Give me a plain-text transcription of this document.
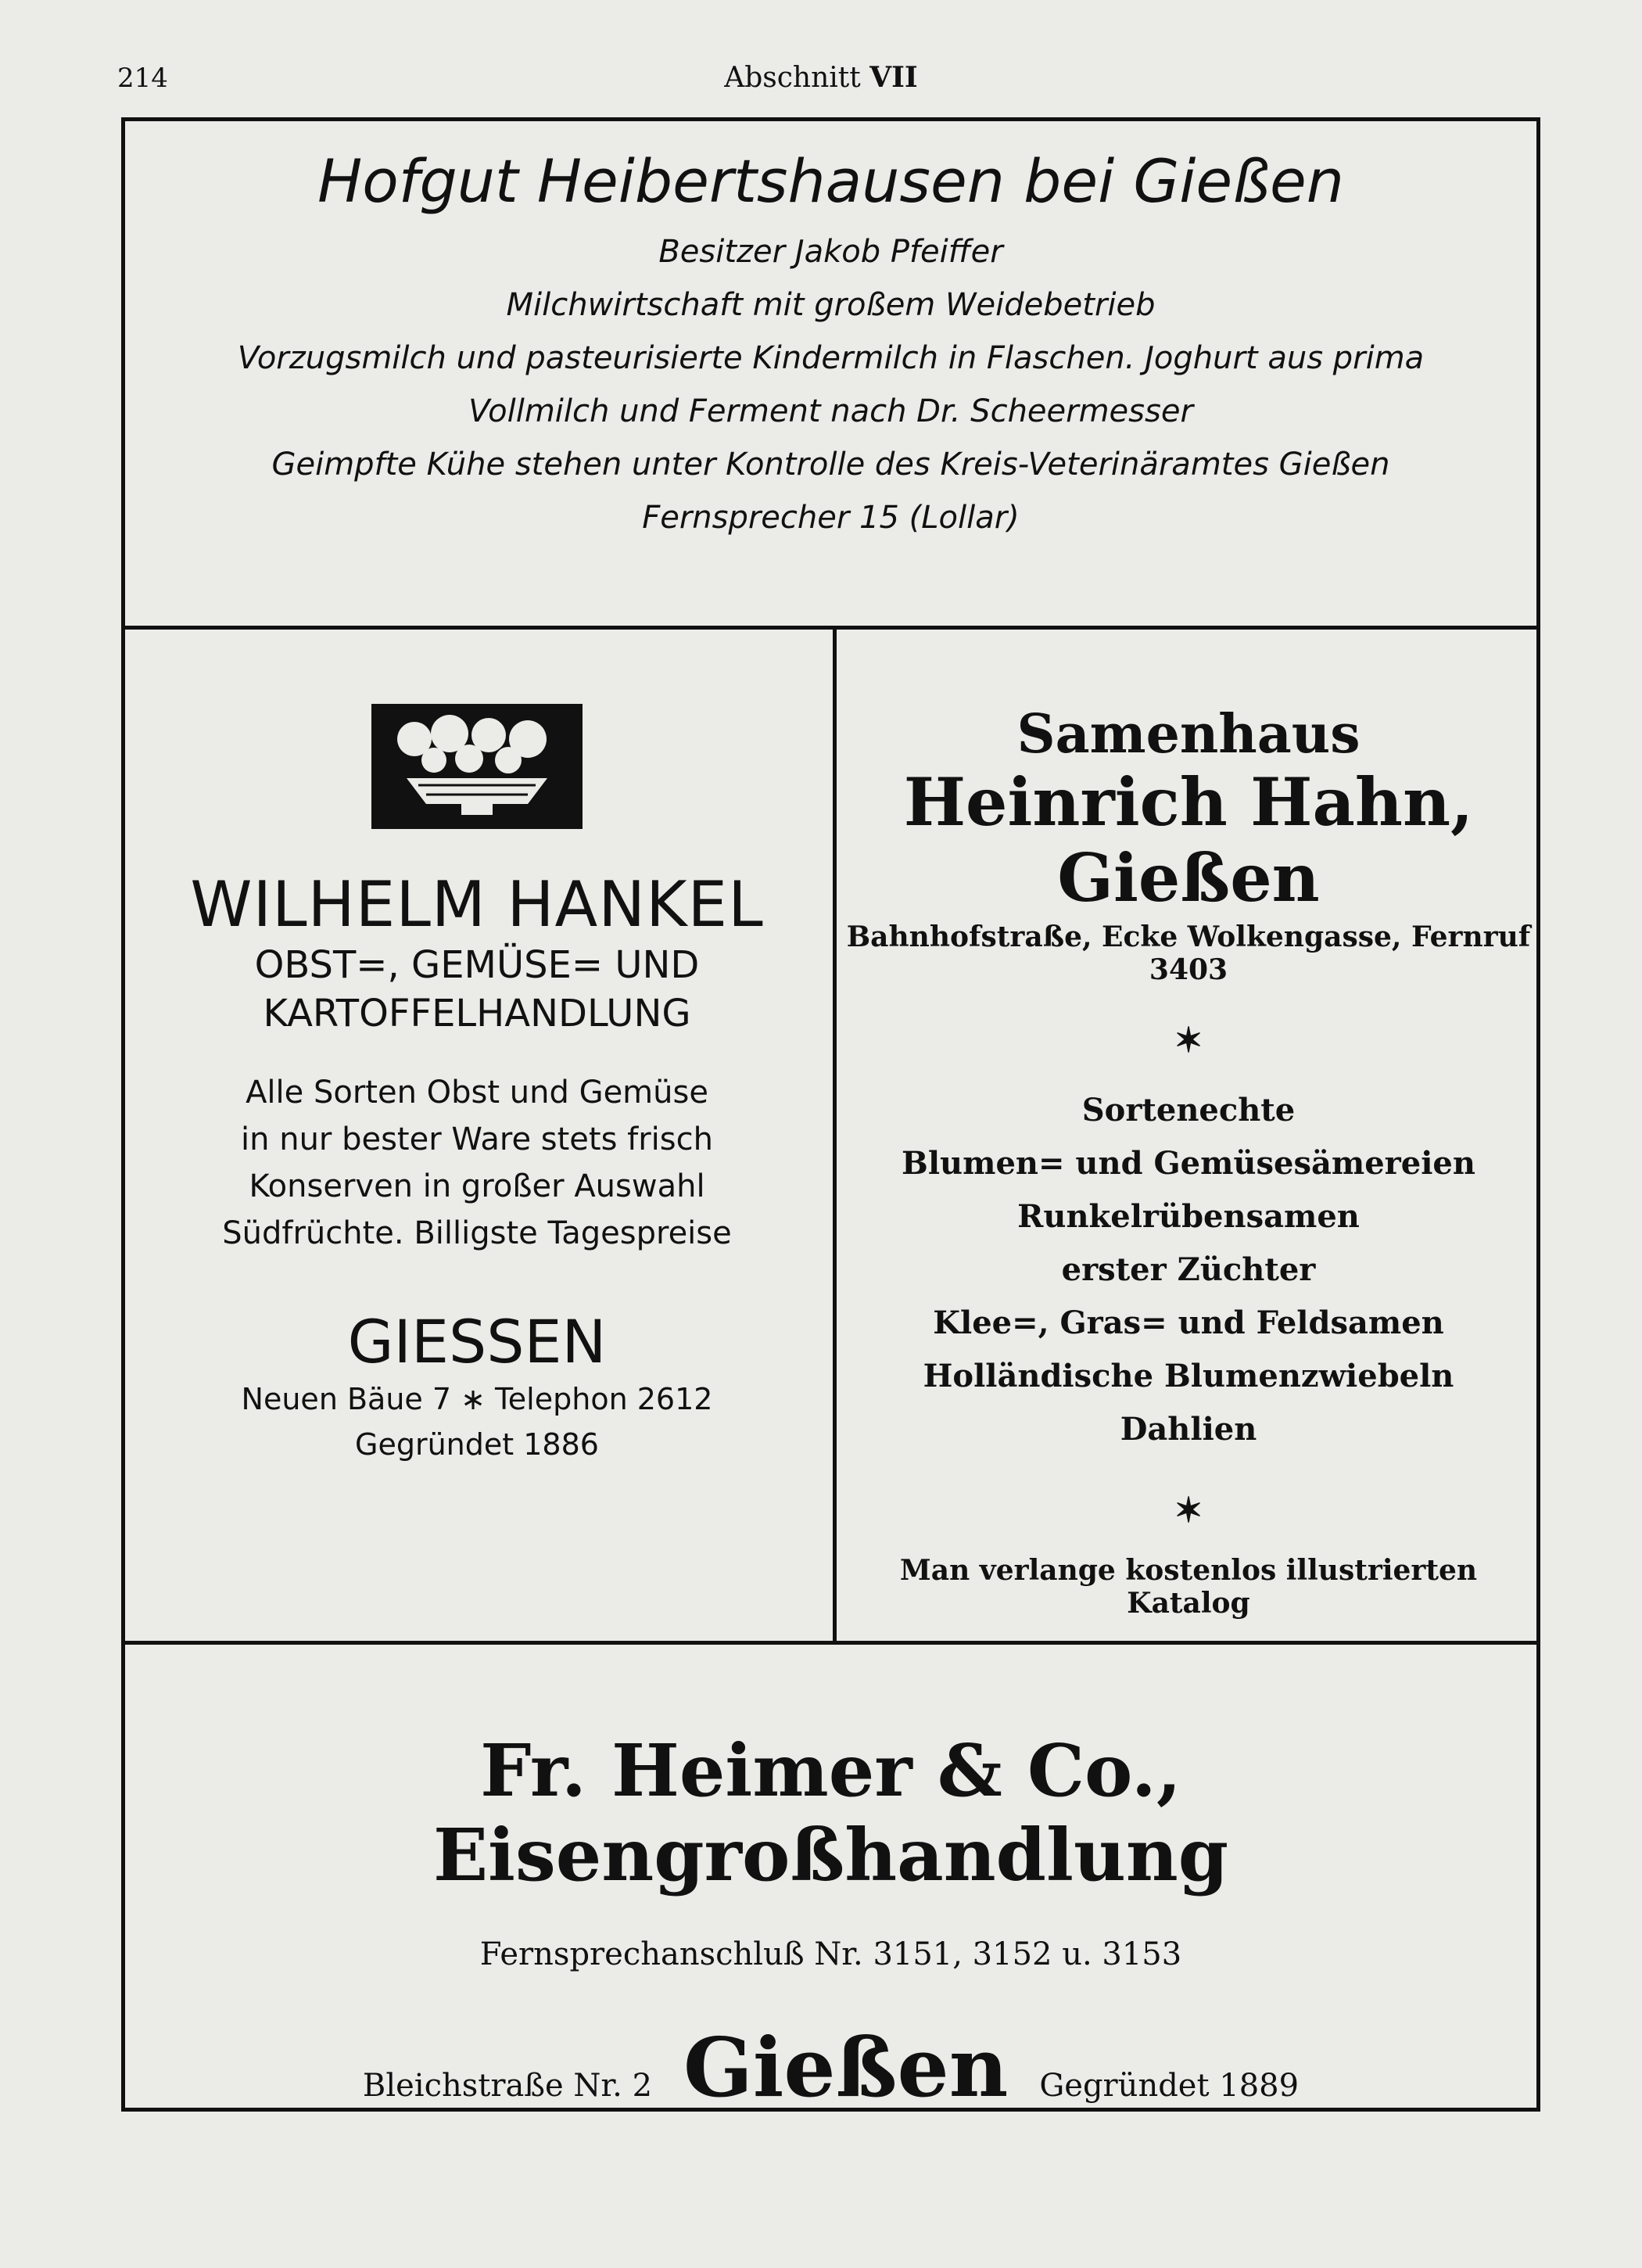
214	Abschnitt VII
Hofgut Heibertshausen bei Gießen
Besitzer Jakob Pfeiffer
Milchwirtschaft mit großem Weidebetrieb
Vorzugsmilch und pasteurisierte Kindermilch in Flaschen. Joghurt aus prima
Vollmilch und Ferment nach Dr. Scheermesser
Geimpfte Kühe stehen unter Kontrolle des Kreis-Veterinäramtes Gießen
Fernsprecher 15 (Lollar)
WILHELM HANKEL
OBST=, GEMÜSE= UND
KARTOFFELHANDLUNG
Alle Sorten Obst und Gemüse
in nur bester Ware stets frisch
Konserven in großer Auswahl
Südfrüchte. Billigste Tagespreise
GIESSEN
Neuen Bäue 7 ∗ Telephon 2612
Gegründet 1886
Samenhaus
Heinrich Hahn, Gießen
Bahnhofstraße, Ecke Wolkengasse, Fernruf 3403
✶
Sortenechte
Blumen= und Gemüsesämereien
Runkelrübensamen
erster Züchter
Klee=, Gras= und Feldsamen
Holländische Blumenzwiebeln
Dahlien
✶
Man verlange kostenlos illustrierten Katalog
Fr. Heimer & Co., Eisengroßhandlung
Fernsprechanschluß Nr. 3151, 3152 u. 3153
Bleichstraße Nr. 2 Gießen Gegründet 1889
